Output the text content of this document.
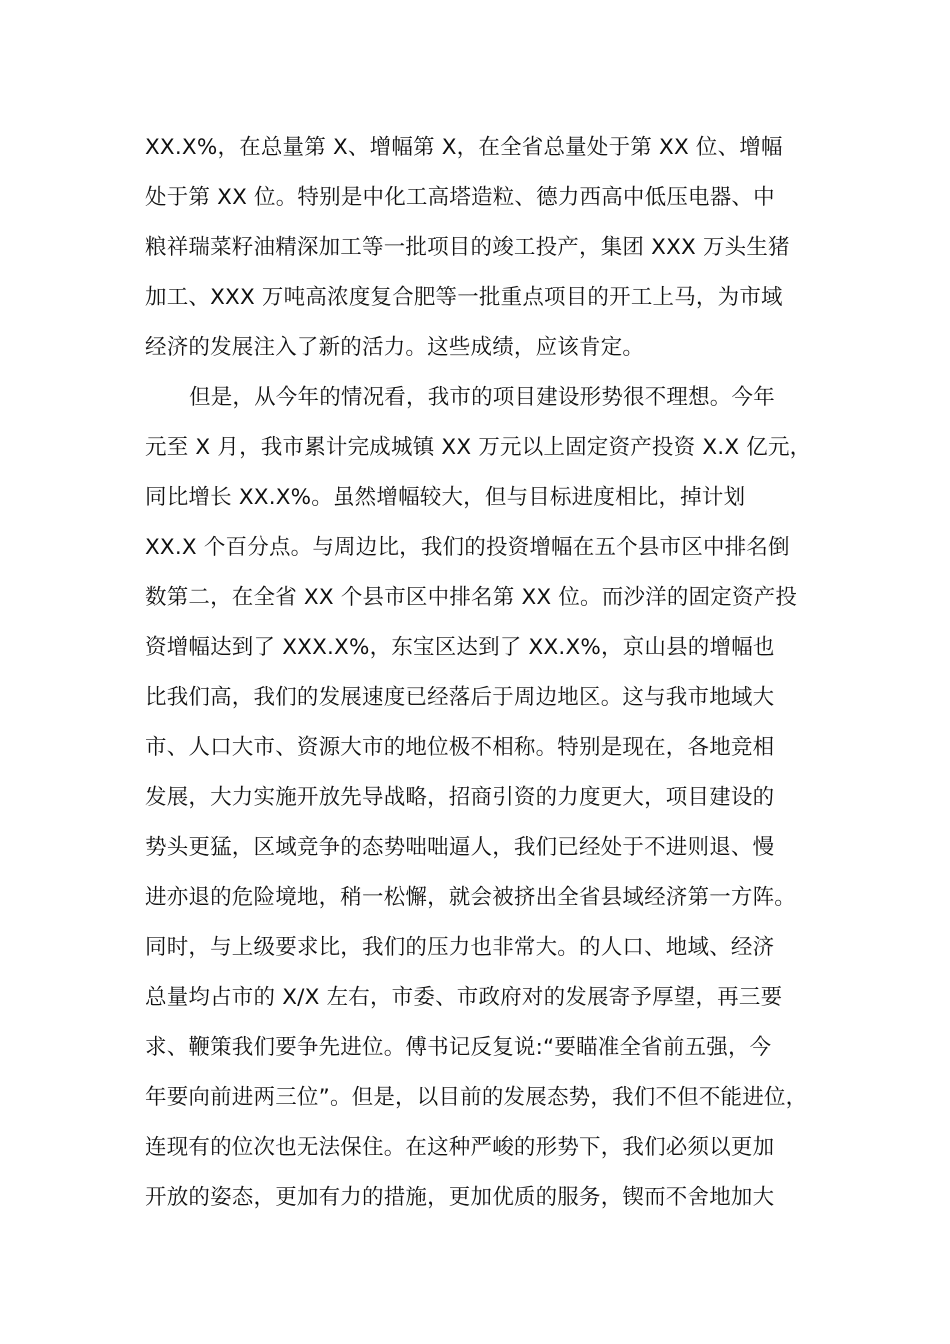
XX.X%，在总量第 X、增幅第 X，在全省总量处于第 XX 位、增幅
处于第 XX 位。特别是中化工高塔造粒、德力西高中低压电器、中
粮祥瑞菜籽油精深加工等一批项目的竣工投产，集团 XXX 万头生猪
加工、XXX 万吨高浓度复合肥等一批重点项目的开工上马，为市域
经济的发展注入了新的活力。这些成绩，应该肯定。
但是，从今年的情况看，我市的项目建设形势很不理想。今年
元至 X 月，我市累计完成城镇 XX 万元以上固定资产投资 X.X 亿元，
同比增长 XX.X%。虽然增幅较大，但与目标进度相比，掉计划
XX.X 个百分点。与周边比，我们的投资增幅在五个县市区中排名倒
数第二，在全省 XX 个县市区中排名第 XX 位。而沙洋的固定资产投
资增幅达到了 XXX.X%，东宝区达到了 XX.X%，京山县的增幅也
比我们高，我们的发展速度已经落后于周边地区。这与我市地域大
市、人口大市、资源大市的地位极不相称。特别是现在，各地竞相
发展，大力实施开放先导战略，招商引资的力度更大，项目建设的
势头更猛，区域竞争的态势咄咄逼人，我们已经处于不进则退、慢
进亦退的危险境地，稍一松懈，就会被挤出全省县域经济第一方阵。
同时，与上级要求比，我们的压力也非常大。的人口、地域、经济
总量均占市的 X/X 左右，市委、市政府对的发展寄予厚望，再三要
求、鞭策我们要争先进位。傅书记反复说:“要瞄准全省前五强，今
年要向前进两三位”。但是，以目前的发展态势，我们不但不能进位，
连现有的位次也无法保住。在这种严峻的形势下，我们必须以更加
开放的姿态，更加有力的措施，更加优质的服务，锲而不舍地加大
